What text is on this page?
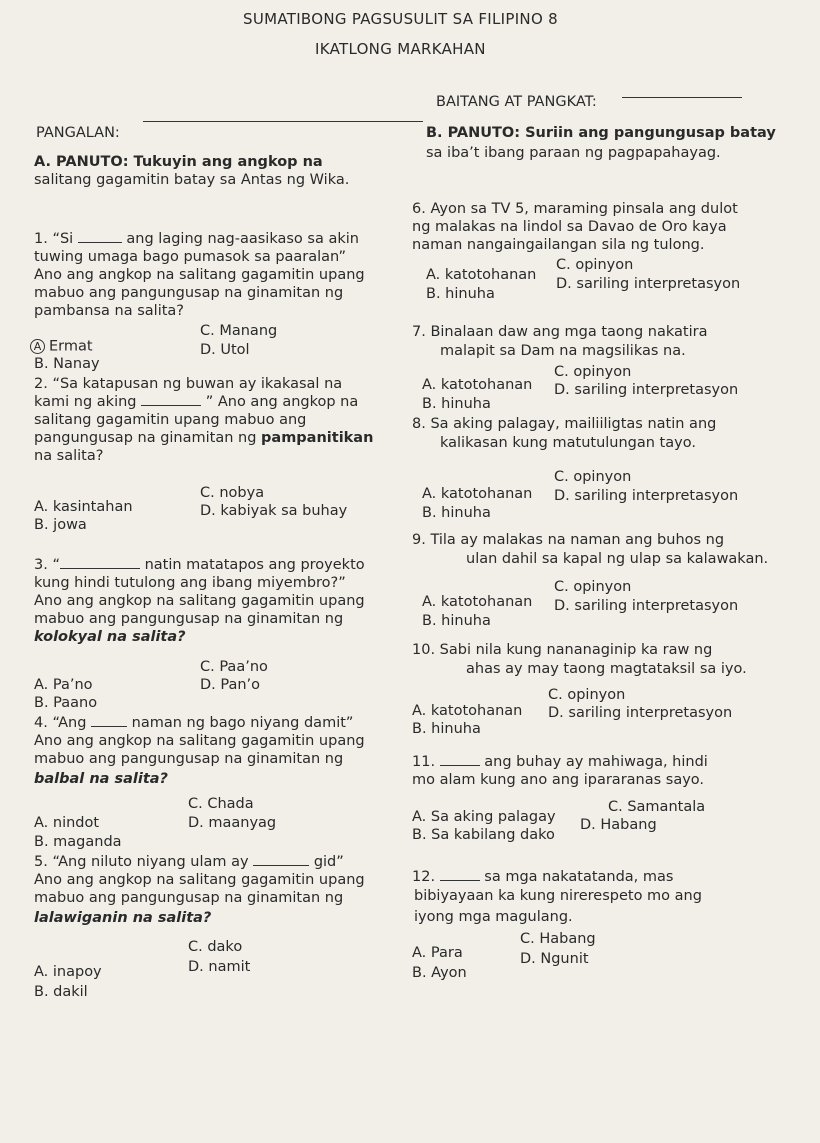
SUMATIBONG PAGSUSULIT SA FILIPINO 8
IKATLONG MARKAHAN
BAITANG AT PANGKAT:
PANGALAN:
A. PANUTO: Tukuyin ang angkop na
salitang gagamitin batay sa Antas ng Wika.
1. “Si	ang laging nag-aasikaso sa akin
tuwing umaga bago pumasok sa paaralan”
Ano ang angkop na salitang gagamitin upang
mabuo ang pangungusap na ginamitan ng
pambansa na salita?
A Ermat
B. Nanay
C. Manang
D. Utol
2. “Sa katapusan ng buwan ay ikakasal na
kami ng aking	” Ano ang angkop na
salitang gagamitin upang mabuo ang
pangungusap na ginamitan ng pampanitikan
na salita?
A. kasintahan
B. jowa
C. nobya
D. kabiyak sa buhay
3. “	natin matatapos ang proyekto
kung hindi tutulong ang ibang miyembro?”
Ano ang angkop na salitang gagamitin upang
mabuo ang pangungusap na ginamitan ng
kolokyal na salita?
A. Pa’no
B. Paano
C. Paa’no
D. Pan’o
4. “Ang	naman ng bago niyang damit”
Ano ang angkop na salitang gagamitin upang
mabuo ang pangungusap na ginamitan ng
balbal na salita?
A. nindot
B. maganda
C. Chada
D. maanyag
5. “Ang niluto niyang ulam ay	gid”
Ano ang angkop na salitang gagamitin upang
mabuo ang pangungusap na ginamitan ng
lalawiganin na salita?
A. inapoy
B. dakil
C. dako
D. namit
B. PANUTO: Suriin ang pangungusap batay
sa iba’t ibang paraan ng pagpapahayag.
6. Ayon sa TV 5, maraming pinsala ang dulot
ng malakas na lindol sa Davao de Oro kaya
naman nangaingailangan sila ng tulong.
A. katotohanan
B. hinuha
C. opinyon
D. sariling interpretasyon
7. Binalaan daw ang mga taong nakatira
malapit sa Dam na magsilikas na.
A. katotohanan
B. hinuha
C. opinyon
D. sariling interpretasyon
8. Sa aking palagay, mailiiligtas natin ang
kalikasan kung matutulungan tayo.
A. katotohanan
B. hinuha
C. opinyon
D. sariling interpretasyon
9. Tila ay malakas na naman ang buhos ng
ulan dahil sa kapal ng ulap sa kalawakan.
A. katotohanan
B. hinuha
C. opinyon
D. sariling interpretasyon
10. Sabi nila kung nananaginip ka raw ng
ahas ay may taong magtataksil sa iyo.
A. katotohanan
B. hinuha
C. opinyon
D. sariling interpretasyon
11.	ang buhay ay mahiwaga, hindi
mo alam kung ano ang ipararanas sayo.
A. Sa aking palagay
B. Sa kabilang dako
C. Samantala
D. Habang
12.	sa mga nakatatanda, mas
bibiyayaan ka kung nirerespeto mo ang
iyong mga magulang.
A. Para
B. Ayon
C. Habang
D. Ngunit
